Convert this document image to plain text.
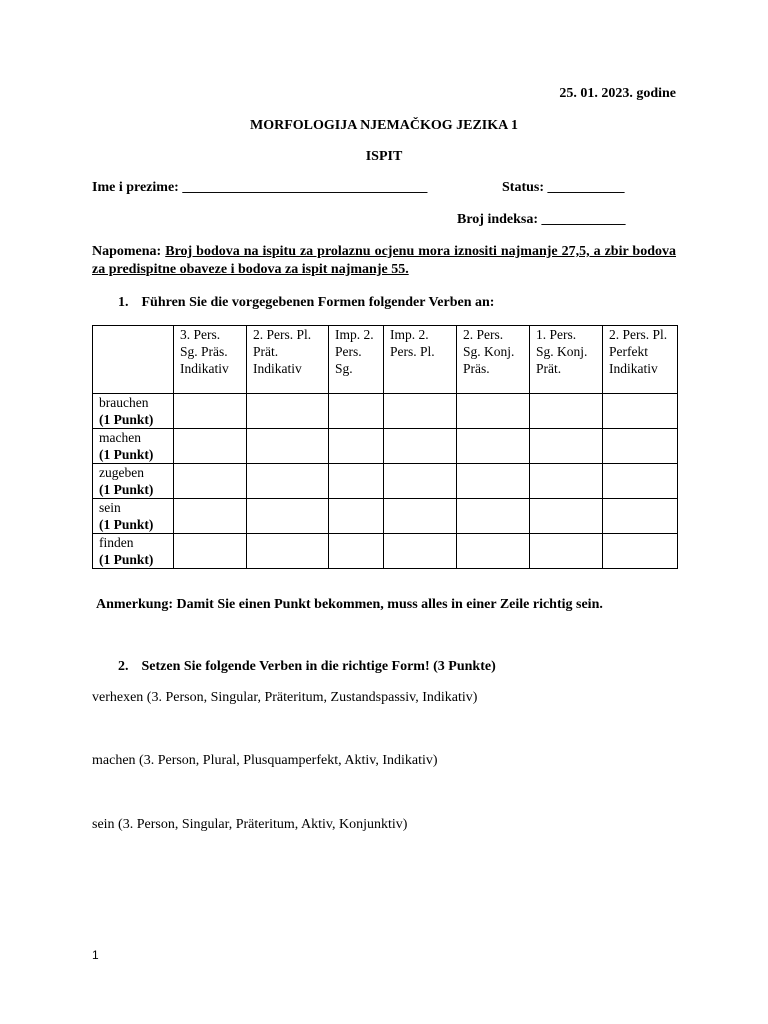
25. 01. 2023. godine
MORFOLOGIJA NJEMAČKOG JEZIKA 1
ISPIT
Ime i prezime: ___________________________________	Status: ___________
Broj indeksa: ____________
Napomena: Broj bodova na ispitu za prolaznu ocjenu mora iznositi najmanje 27,5, a zbir bodova za predispitne obaveze i bodova za ispit najmanje 55.
1. Führen Sie die vorgegebenen Formen folgender Verben an:
	3. Pers. Sg. Präs. Indikativ	2. Pers. Pl. Prät. Indikativ	Imp. 2. Pers. Sg.	Imp. 2. Pers. Pl.	2. Pers. Sg. Konj. Präs.	1. Pers. Sg. Konj. Prät.	2. Pers. Pl. Perfekt Indikativ

brauchen
(1 Punkt)							

machen
(1 Punkt)							

zugeben
(1 Punkt)							

sein
(1 Punkt)							

finden
(1 Punkt)							

Anmerkung: Damit Sie einen Punkt bekommen, muss alles in einer Zeile richtig sein.
2. Setzen Sie folgende Verben in die richtige Form! (3 Punkte)
verhexen (3. Person, Singular, Präteritum, Zustandspassiv, Indikativ)
machen (3. Person, Plural, Plusquamperfekt, Aktiv, Indikativ)
sein (3. Person, Singular, Präteritum, Aktiv, Konjunktiv)
1
